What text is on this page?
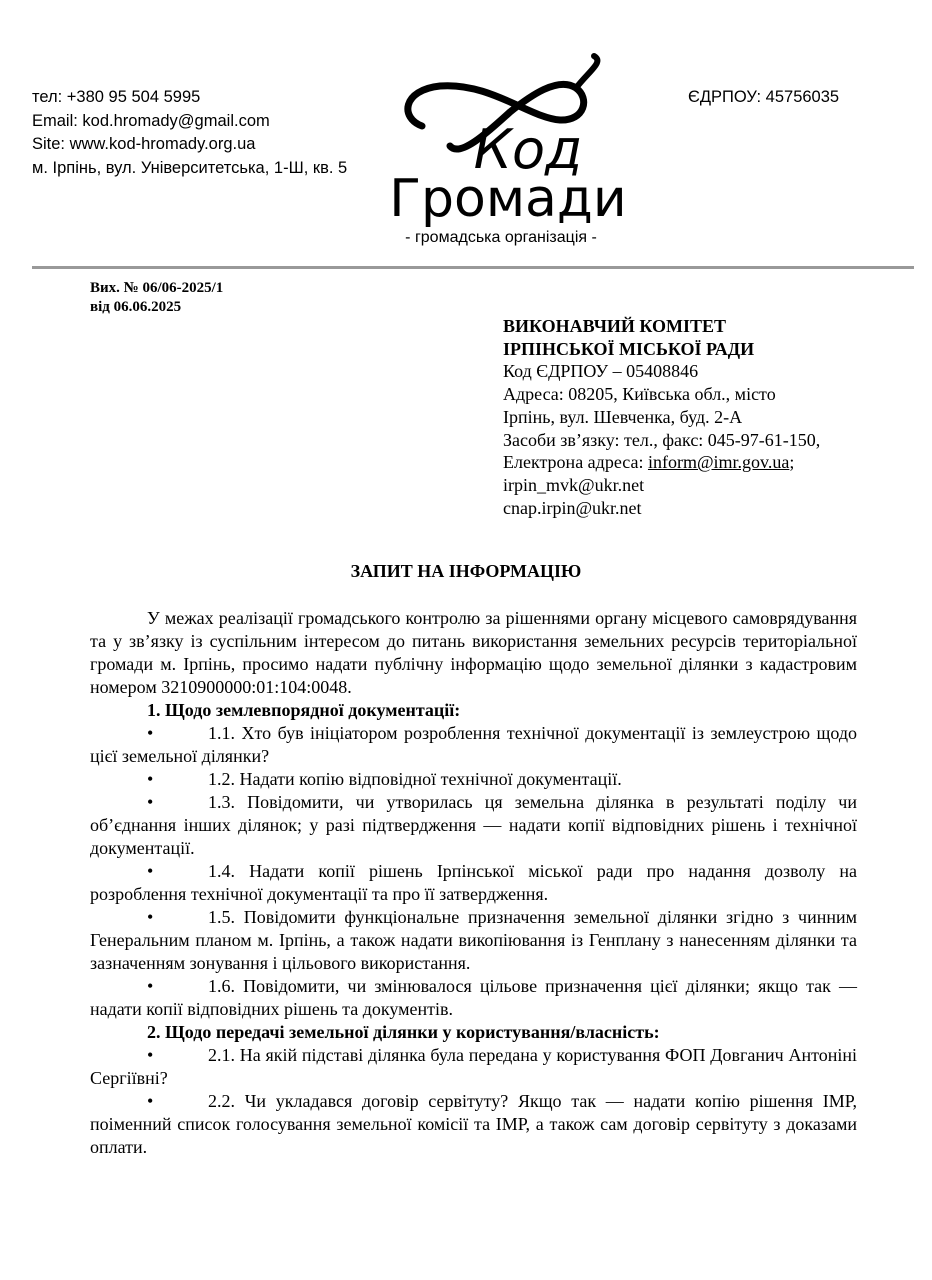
тел: +380 95 504 5995
Email: kod.hromady@gmail.com
Site: www.kod-hromady.org.ua
м. Ірпінь, вул. Університетська, 1-Ш, кв. 5
ЄДРПОУ: 45756035
Код
Громади
- громадська організація -
Вих. № 06/06-2025/1
від 06.06.2025
ВИКОНАВЧИЙ КОМІТЕТ
ІРПІНСЬКОЇ МІСЬКОЇ РАДИ
Код ЄДРПОУ – 05408846
Адреса: 08205, Київська обл., місто
Ірпінь, вул. Шевченка, буд. 2-А
Засоби зв’язку: тел., факс: 045-97-61-150,
Електрона адреса: inform@imr.gov.ua;
irpin_mvk@ukr.net
cnap.irpin@ukr.net
ЗАПИТ НА ІНФОРМАЦІЮ

У межах реалізації громадського контролю за рішеннями органу місцевого самоврядування та у зв’язку із суспільним інтересом до питань використання земельних ресурсів територіальної громади м. Ірпінь, просимо надати публічну інформацію щодо земельної ділянки з кадастровим номером 3210900000:01:104:0048.

1. Щодо землевпорядної документації:

•	1.1. Хто був ініціатором розроблення технічної документації із землеустрою щодо цієї земельної ділянки?

•	1.2. Надати копію відповідної технічної документації.

•	1.3. Повідомити, чи утворилась ця земельна ділянка в результаті поділу чи об’єднання інших ділянок; у разі підтвердження — надати копії відповідних рішень і технічної документації.

•	1.4. Надати копії рішень Ірпінської міської ради про надання дозволу на розроблення технічної документації та про її затвердження.

•	1.5. Повідомити функціональне призначення земельної ділянки згідно з чинним Генеральним планом м. Ірпінь, а також надати викопіювання із Генплану з нанесенням ділянки та зазначенням зонування і цільового використання.

•	1.6. Повідомити, чи змінювалося цільове призначення цієї ділянки; якщо так — надати копії відповідних рішень та документів.

2. Щодо передачі земельної ділянки у користування/власність:

•	2.1. На якій підставі ділянка була передана у користування ФОП Довганич Антоніні Сергіївні?

•	2.2. Чи укладався договір сервітуту? Якщо так — надати копію рішення ІМР, поіменний список голосування земельної комісії та ІМР, а також сам договір сервітуту з доказами оплати.
